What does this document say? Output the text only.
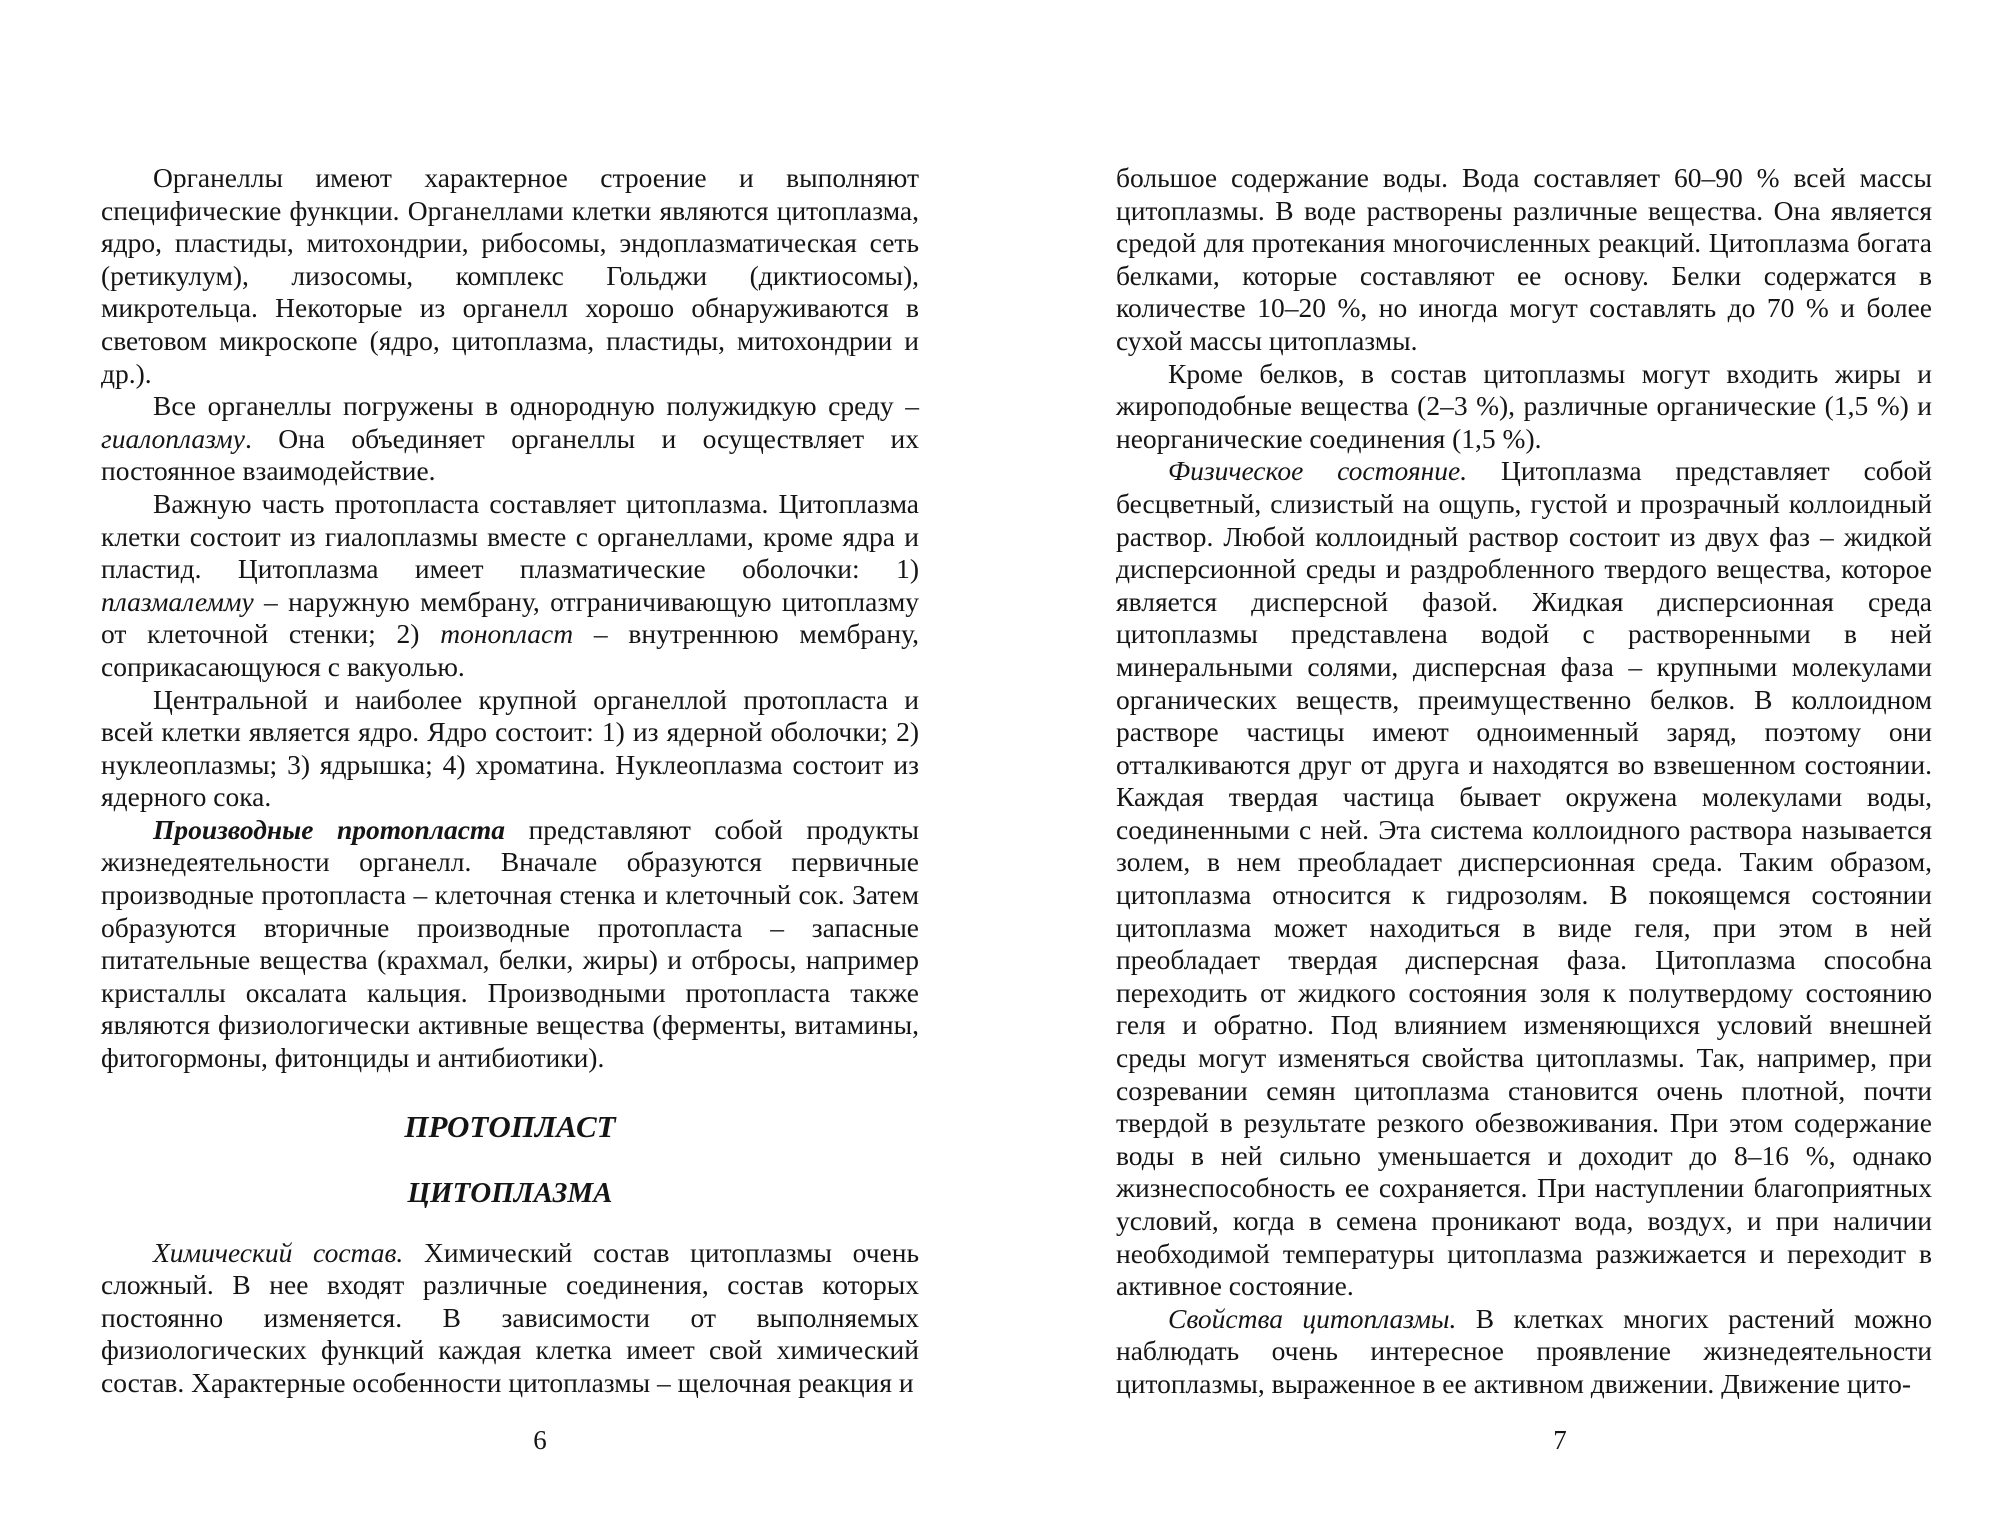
Органеллы имеют характерное строение и выполняют специфические функции. Органеллами клетки являются цитоплазма, ядро, пластиды, митохондрии, рибосомы, эндоплазматическая сеть (ретикулум), лизосомы, комплекс Гольджи (диктиосомы), микротельца. Некоторые из органелл хорошо обнаруживаются в световом микроскопе (ядро, цитоплазма, пластиды, митохондрии и др.).

Все органеллы погружены в однородную полужидкую среду – гиалоплазму. Она объединяет органеллы и осуществляет их постоянное взаимодействие.

Важную часть протопласта составляет цитоплазма. Цитоплазма клетки состоит из гиалоплазмы вместе с органеллами, кроме ядра и пластид. Цитоплазма имеет плазматические оболочки: 1) плазмалемму – наружную мембрану, отграничивающую цитоплазму от клеточной стенки; 2) тонопласт – внутреннюю мембрану, соприкасающуюся с вакуолью.

Центральной и наиболее крупной органеллой протопласта и всей клетки является ядро. Ядро состоит: 1) из ядерной оболочки; 2) нуклеоплазмы; 3) ядрышка; 4) хроматина. Нуклеоплазма состоит из ядерного сока.

Производные протопласта представляют собой продукты жизнедеятельности органелл. Вначале образуются первичные производные протопласта – клеточная стенка и клеточный сок. Затем образуются вторичные производные протопласта – запасные питательные вещества (крахмал, белки, жиры) и отбросы, например кристаллы оксалата кальция. Производными протопласта также являются физиологически активные вещества (ферменты, витамины, фитогормоны, фитонциды и антибиотики).

ПРОТОПЛАСТ
ЦИТОПЛАЗМА

Химический состав. Химический состав цитоплазмы очень сложный. В нее входят различные соединения, состав которых постоянно изменяется. В зависимости от выполняемых физиологических функций каждая клетка имеет свой химический состав. Характерные особенности цитоплазмы – щелочная реакция и

6

большое содержание воды. Вода составляет 60–90 % всей массы цитоплазмы. В воде растворены различные вещества. Она является средой для протекания многочисленных реакций. Цитоплазма богата белками, которые составляют ее основу. Белки содержатся в количестве 10–20 %, но иногда могут составлять до 70 % и более сухой массы цитоплазмы.

Кроме белков, в состав цитоплазмы могут входить жиры и жироподобные вещества (2–3 %), различные органические (1,5 %) и неорганические соединения (1,5 %).

Физическое состояние. Цитоплазма представляет собой бесцветный, слизистый на ощупь, густой и прозрачный коллоидный раствор. Любой коллоидный раствор состоит из двух фаз – жидкой дисперсионной среды и раздробленного твердого вещества, которое является дисперсной фазой. Жидкая дисперсионная среда цитоплазмы представлена водой с растворенными в ней минеральными солями, дисперсная фаза – крупными молекулами органических веществ, преимущественно белков. В коллоидном растворе частицы имеют одноименный заряд, поэтому они отталкиваются друг от друга и находятся во взвешенном состоянии. Каждая твердая частица бывает окружена молекулами воды, соединенными с ней. Эта система коллоидного раствора называется золем, в нем преобладает дисперсионная среда. Таким образом, цитоплазма относится к гидрозолям. В покоящемся состоянии цитоплазма может находиться в виде геля, при этом в ней преобладает твердая дисперсная фаза. Цитоплазма способна переходить от жидкого состояния золя к полутвердому состоянию геля и обратно. Под влиянием изменяющихся условий внешней среды могут изменяться свойства цитоплазмы. Так, например, при созревании семян цитоплазма становится очень плотной, почти твердой в результате резкого обезвоживания. При этом содержание воды в ней сильно уменьшается и доходит до 8–16 %, однако жизнеспособность ее сохраняется. При наступлении благоприятных условий, когда в семена проникают вода, воздух, и при наличии необходимой температуры цитоплазма разжижается и переходит в активное состояние.

Свойства цитоплазмы. В клетках многих растений можно наблюдать очень интересное проявление жизнедеятельности цитоплазмы, выраженное в ее активном движении. Движение цито-

7
